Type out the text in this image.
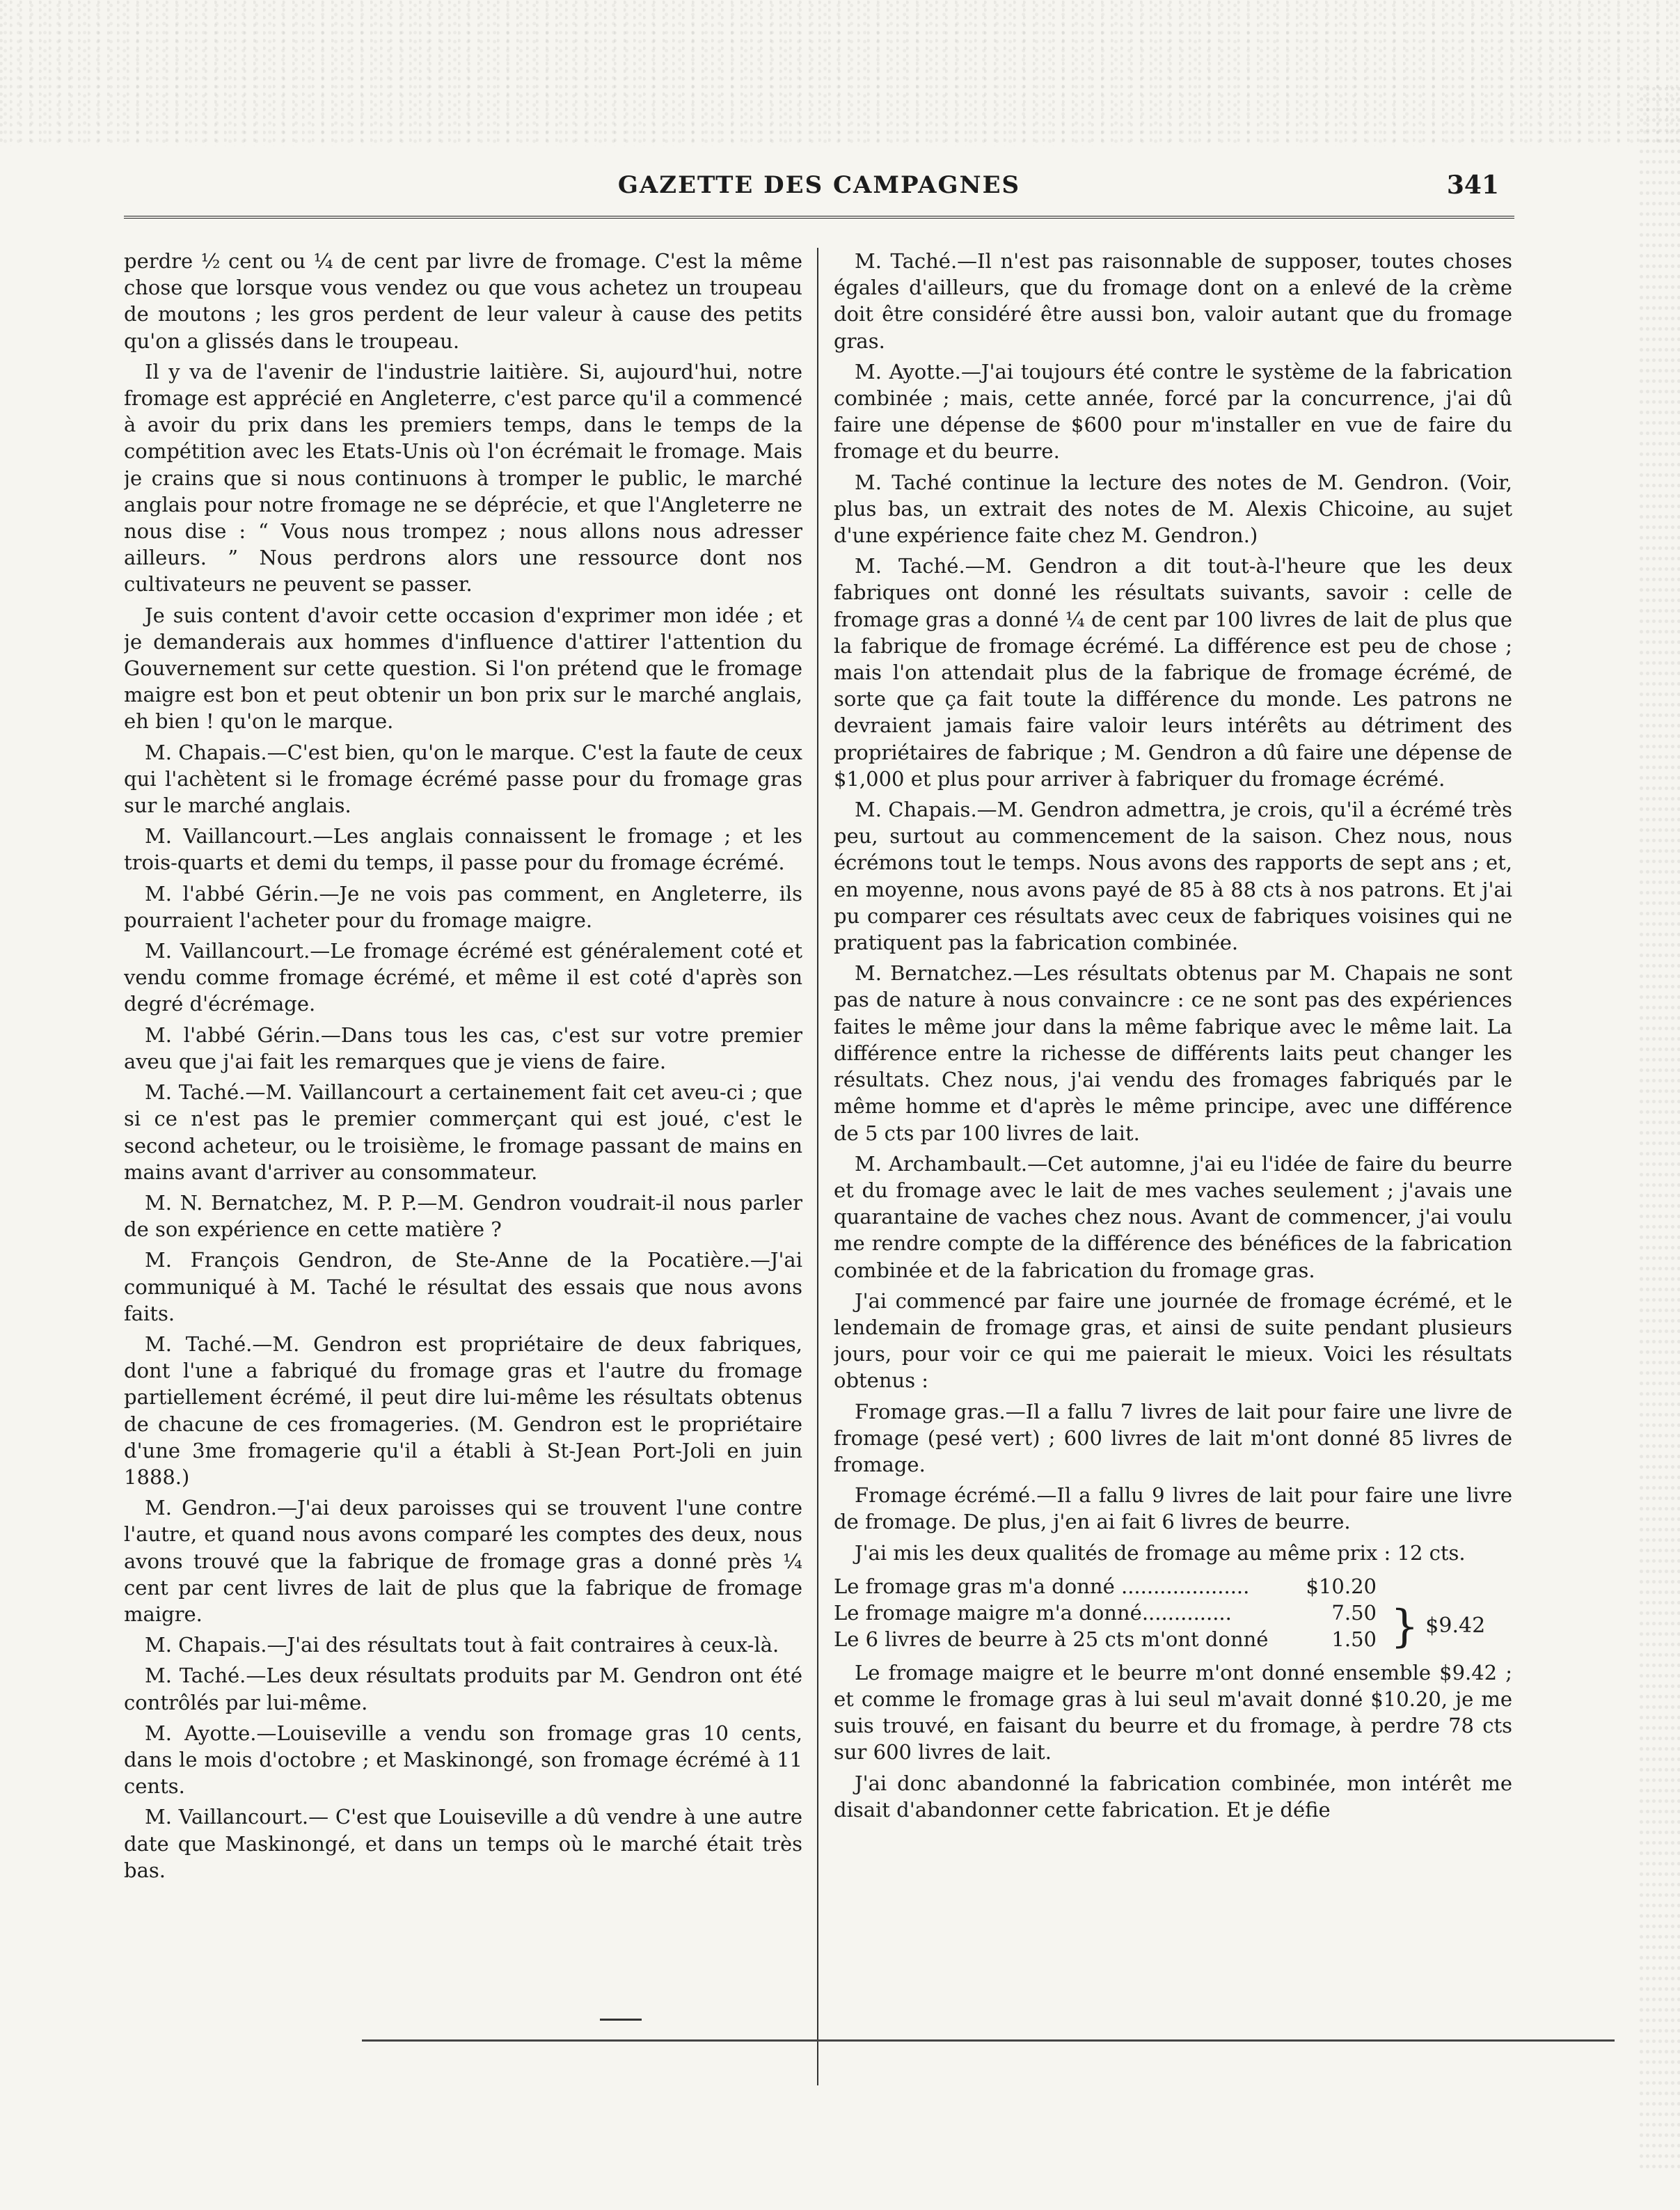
GAZETTE DES CAMPAGNES	341

perdre ½ cent ou ¼ de cent par livre de fromage. C'est la même chose que lorsque vous vendez ou que vous achetez un troupeau de moutons ; les gros perdent de leur valeur à cause des petits qu'on a glissés dans le troupeau.

Il y va de l'avenir de l'industrie laitière. Si, aujourd'hui, notre fromage est apprécié en Angleterre, c'est parce qu'il a commencé à avoir du prix dans les premiers temps, dans le temps de la compétition avec les Etats-Unis où l'on écrémait le fromage. Mais je crains que si nous continuons à tromper le public, le marché anglais pour notre fromage ne se déprécie, et que l'Angleterre ne nous dise : “ Vous nous trompez ; nous allons nous adresser ailleurs. ” Nous perdrons alors une ressource dont nos cultivateurs ne peuvent se passer.

Je suis content d'avoir cette occasion d'exprimer mon idée ; et je demanderais aux hommes d'influence d'attirer l'attention du Gouvernement sur cette question. Si l'on prétend que le fromage maigre est bon et peut obtenir un bon prix sur le marché anglais, eh bien ! qu'on le marque.

M. Chapais.—C'est bien, qu'on le marque. C'est la faute de ceux qui l'achètent si le fromage écrémé passe pour du fromage gras sur le marché anglais.

M. Vaillancourt.—Les anglais connaissent le fromage ; et les trois-quarts et demi du temps, il passe pour du fromage écrémé.

M. l'abbé Gérin.—Je ne vois pas comment, en Angleterre, ils pourraient l'acheter pour du fromage maigre.

M. Vaillancourt.—Le fromage écrémé est généralement coté et vendu comme fromage écrémé, et même il est coté d'après son degré d'écrémage.

M. l'abbé Gérin.—Dans tous les cas, c'est sur votre premier aveu que j'ai fait les remarques que je viens de faire.

M. Taché.—M. Vaillancourt a certainement fait cet aveu-ci ; que si ce n'est pas le premier commerçant qui est joué, c'est le second acheteur, ou le troisième, le fromage passant de mains en mains avant d'arriver au consommateur.

M. N. Bernatchez, M. P. P.—M. Gendron voudrait-il nous parler de son expérience en cette matière ?

M. François Gendron, de Ste-Anne de la Pocatière.—J'ai communiqué à M. Taché le résultat des essais que nous avons faits.

M. Taché.—M. Gendron est propriétaire de deux fabriques, dont l'une a fabriqué du fromage gras et l'autre du fromage partiellement écrémé, il peut dire lui-même les résultats obtenus de chacune de ces fromageries. (M. Gendron est le propriétaire d'une 3me fromagerie qu'il a établi à St-Jean Port-Joli en juin 1888.)

M. Gendron.—J'ai deux paroisses qui se trouvent l'une contre l'autre, et quand nous avons comparé les comptes des deux, nous avons trouvé que la fabrique de fromage gras a donné près ¼ cent par cent livres de lait de plus que la fabrique de fromage maigre.

M. Chapais.—J'ai des résultats tout à fait contraires à ceux-là.

M. Taché.—Les deux résultats produits par M. Gendron ont été contrôlés par lui-même.

M. Ayotte.—Louiseville a vendu son fromage gras 10 cents, dans le mois d'octobre ; et Maskinongé, son fromage écrémé à 11 cents.

M. Vaillancourt.— C'est que Louiseville a dû vendre à une autre date que Maskinongé, et dans un temps où le marché était très bas.

M. Taché.—Il n'est pas raisonnable de supposer, toutes choses égales d'ailleurs, que du fromage dont on a enlevé de la crème doit être considéré être aussi bon, valoir autant que du fromage gras.

M. Ayotte.—J'ai toujours été contre le système de la fabrication combinée ; mais, cette année, forcé par la concurrence, j'ai dû faire une dépense de $600 pour m'installer en vue de faire du fromage et du beurre.

M. Taché continue la lecture des notes de M. Gendron. (Voir, plus bas, un extrait des notes de M. Alexis Chicoine, au sujet d'une expérience faite chez M. Gendron.)

M. Taché.—M. Gendron a dit tout-à-l'heure que les deux fabriques ont donné les résultats suivants, savoir : celle de fromage gras a donné ¼ de cent par 100 livres de lait de plus que la fabrique de fromage écrémé. La différence est peu de chose ; mais l'on attendait plus de la fabrique de fromage écrémé, de sorte que ça fait toute la différence du monde. Les patrons ne devraient jamais faire valoir leurs intérêts au détriment des propriétaires de fabrique ; M. Gendron a dû faire une dépense de $1,000 et plus pour arriver à fabriquer du fromage écrémé.

M. Chapais.—M. Gendron admettra, je crois, qu'il a écrémé très peu, surtout au commencement de la saison. Chez nous, nous écrémons tout le temps. Nous avons des rapports de sept ans ; et, en moyenne, nous avons payé de 85 à 88 cts à nos patrons. Et j'ai pu comparer ces résultats avec ceux de fabriques voisines qui ne pratiquent pas la fabrication combinée.

M. Bernatchez.—Les résultats obtenus par M. Chapais ne sont pas de nature à nous convaincre : ce ne sont pas des expériences faites le même jour dans la même fabrique avec le même lait. La différence entre la richesse de différents laits peut changer les résultats. Chez nous, j'ai vendu des fromages fabriqués par le même homme et d'après le même principe, avec une différence de 5 cts par 100 livres de lait.

M. Archambault.—Cet automne, j'ai eu l'idée de faire du beurre et du fromage avec le lait de mes vaches seulement ; j'avais une quarantaine de vaches chez nous. Avant de commencer, j'ai voulu me rendre compte de la différence des bénéfices de la fabrication combinée et de la fabrication du fromage gras.

J'ai commencé par faire une journée de fromage écrémé, et le lendemain de fromage gras, et ainsi de suite pendant plusieurs jours, pour voir ce qui me paierait le mieux. Voici les résultats obtenus :

Fromage gras.—Il a fallu 7 livres de lait pour faire une livre de fromage (pesé vert) ; 600 livres de lait m'ont donné 85 livres de fromage.

Fromage écrémé.—Il a fallu 9 livres de lait pour faire une livre de fromage. De plus, j'en ai fait 6 livres de beurre.

J'ai mis les deux qualités de fromage au même prix : 12 cts.

Le fromage gras m'a donné ....................	$10.20
Le fromage maigre m'a donné..............	7.50
Le 6 livres de beurre à 25 cts m'ont donné	1.50 } $9.42

Le fromage maigre et le beurre m'ont donné ensemble $9.42 ; et comme le fromage gras à lui seul m'avait donné $10.20, je me suis trouvé, en faisant du beurre et du fromage, à perdre 78 cts sur 600 livres de lait.

J'ai donc abandonné la fabrication combinée, mon intérêt me disait d'abandonner cette fabrication. Et je défie
